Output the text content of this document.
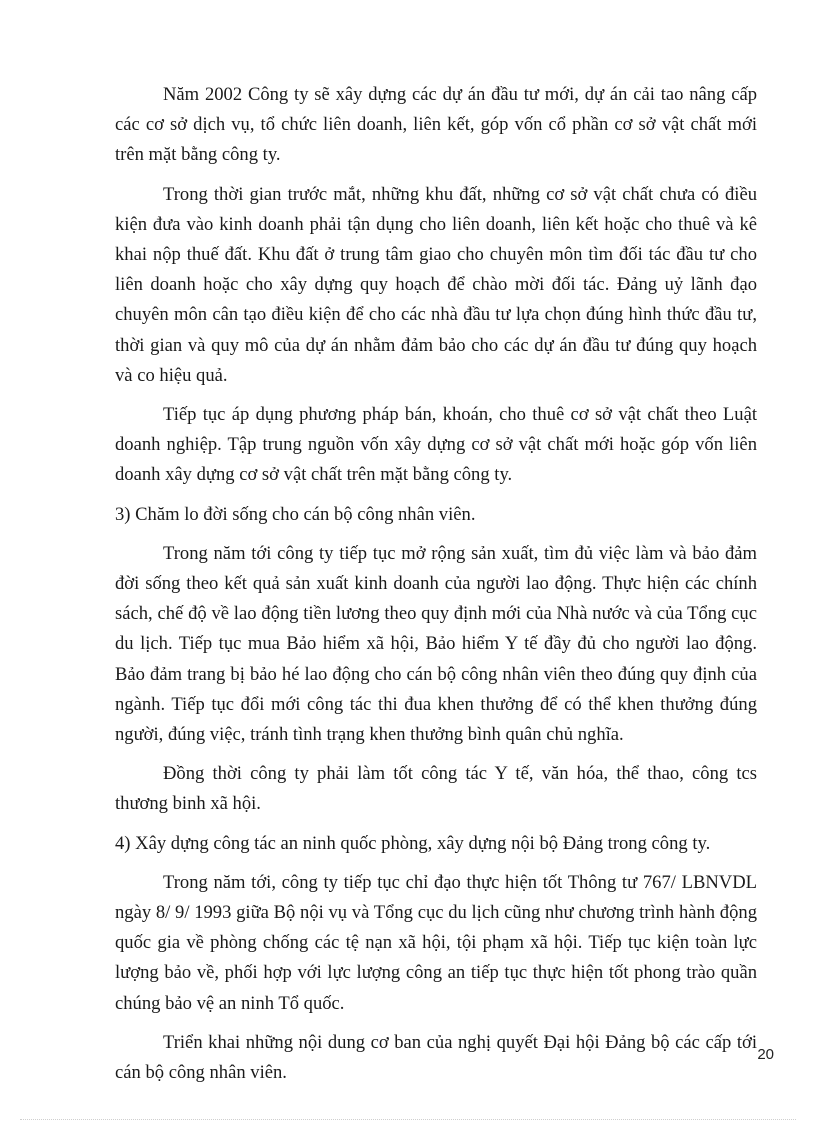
Năm 2002 Công ty sẽ xây dựng các dự án đầu tư mới, dự án cải tao nâng cấp các cơ sở dịch vụ, tổ chức liên doanh, liên kết, góp vốn cổ phần cơ sở vật chất mới trên mặt bằng công ty.

Trong thời gian trước mắt, những khu đất, những cơ sở vật chất chưa có điều kiện đưa vào kinh doanh phải tận dụng cho liên doanh, liên kết hoặc cho thuê và kê khai nộp thuế đất. Khu đất ở trung tâm giao cho chuyên môn tìm đối tác đầu tư cho liên doanh hoặc cho xây dựng quy hoạch để chào mời đối tác. Đảng uỷ lãnh đạo chuyên môn cân tạo điều kiện để cho các nhà đầu tư lựa chọn đúng hình thức đầu tư, thời gian và quy mô của dự án nhằm đảm bảo cho các dự án đầu tư đúng quy hoạch và co hiệu quả.

Tiếp tục áp dụng phương pháp bán, khoán, cho thuê cơ sở vật chất theo Luật doanh nghiệp. Tập trung nguồn vốn xây dựng cơ sở vật chất mới hoặc góp vốn liên doanh xây dựng cơ sở vật chất trên mặt bằng công ty.

3) Chăm lo đời sống cho cán bộ công nhân viên.

Trong năm tới công ty tiếp tục mở rộng sản xuất, tìm đủ việc làm và bảo đảm đời sống theo kết quả sản xuất kinh doanh của người lao động. Thực hiện các chính sách, chế độ về lao động tiền lương theo quy định mới của Nhà nước và của Tổng cục du lịch. Tiếp tục mua Bảo hiểm xã hội, Bảo hiểm Y tế đầy đủ cho người lao động. Bảo đảm trang bị bảo hé lao động cho cán bộ công nhân viên theo đúng quy định của ngành. Tiếp tục đổi mới công tác thi đua khen thưởng để có thể khen thưởng đúng người, đúng việc, tránh tình trạng khen thưởng bình quân chủ nghĩa.

Đồng thời công ty phải làm tốt công tác Y tế, văn hóa, thể thao, công tcs thương binh xã hội.

4) Xây dựng công tác an ninh quốc phòng, xây dựng nội bộ Đảng trong công ty.

Trong năm tới, công ty tiếp tục chỉ đạo thực hiện tốt Thông tư 767/ LBNVDL ngày 8/ 9/ 1993 giữa Bộ nội vụ và Tổng cục du lịch cũng như chương trình hành động quốc gia về phòng chống các tệ nạn xã hội, tội phạm xã hội. Tiếp tục kiện toàn lực lượng bảo về, phối hợp với lực lượng công an tiếp tục thực hiện tốt phong trào quần chúng bảo vệ an ninh Tổ quốc.

Triển khai những nội dung cơ ban của nghị quyết Đại hội Đảng bộ các cấp tới cán bộ công nhân viên.

20
